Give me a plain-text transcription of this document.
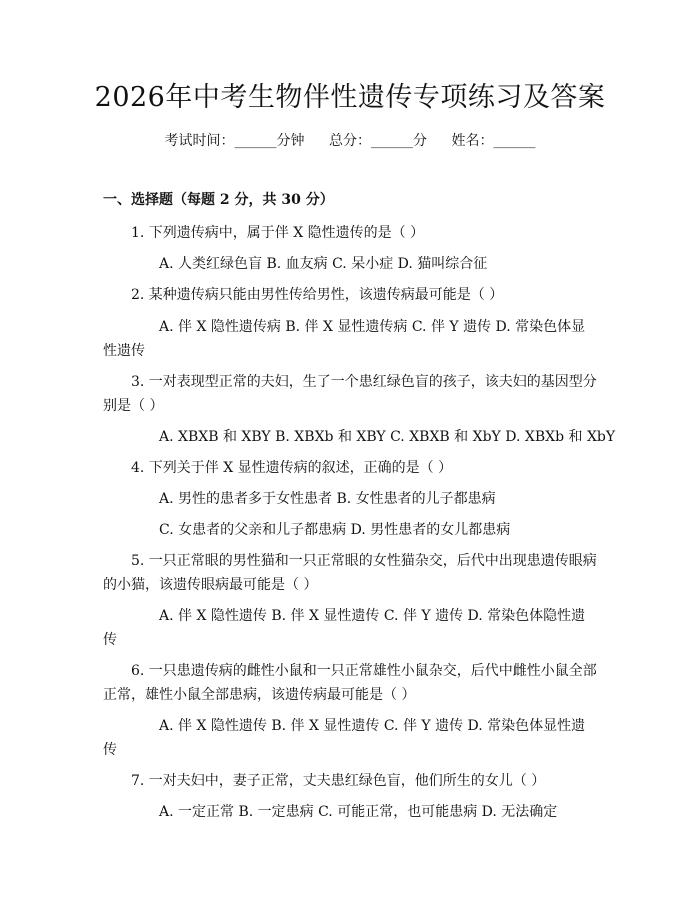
2026年中考生物伴性遗传专项练习及答案
考试时间：______分钟 总分：______分 姓名：______
一、选择题（每题 2 分，共 30 分）
1. 下列遗传病中，属于伴 X 隐性遗传的是（ ）
A. 人类红绿色盲 B. 血友病 C. 呆小症 D. 猫叫综合征
2. 某种遗传病只能由男性传给男性，该遗传病最可能是（ ）
A. 伴 X 隐性遗传病 B. 伴 X 显性遗传病 C. 伴 Y 遗传 D. 常染色体显
性遗传
3. 一对表现型正常的夫妇，生了一个患红绿色盲的孩子，该夫妇的基因型分
别是（ ）
A. XBXB 和 XBY B. XBXb 和 XBY C. XBXB 和 XbY D. XBXb 和 XbY
4. 下列关于伴 X 显性遗传病的叙述，正确的是（ ）
A. 男性的患者多于女性患者 B. 女性患者的儿子都患病
C. 女患者的父亲和儿子都患病 D. 男性患者的女儿都患病
5. 一只正常眼的男性猫和一只正常眼的女性猫杂交，后代中出现患遗传眼病
的小猫，该遗传眼病最可能是（ ）
A. 伴 X 隐性遗传 B. 伴 X 显性遗传 C. 伴 Y 遗传 D. 常染色体隐性遗
传
6. 一只患遗传病的雌性小鼠和一只正常雄性小鼠杂交，后代中雌性小鼠全部
正常，雄性小鼠全部患病，该遗传病最可能是（ ）
A. 伴 X 隐性遗传 B. 伴 X 显性遗传 C. 伴 Y 遗传 D. 常染色体显性遗
传
7. 一对夫妇中，妻子正常，丈夫患红绿色盲，他们所生的女儿（ ）
A. 一定正常 B. 一定患病 C. 可能正常，也可能患病 D. 无法确定
